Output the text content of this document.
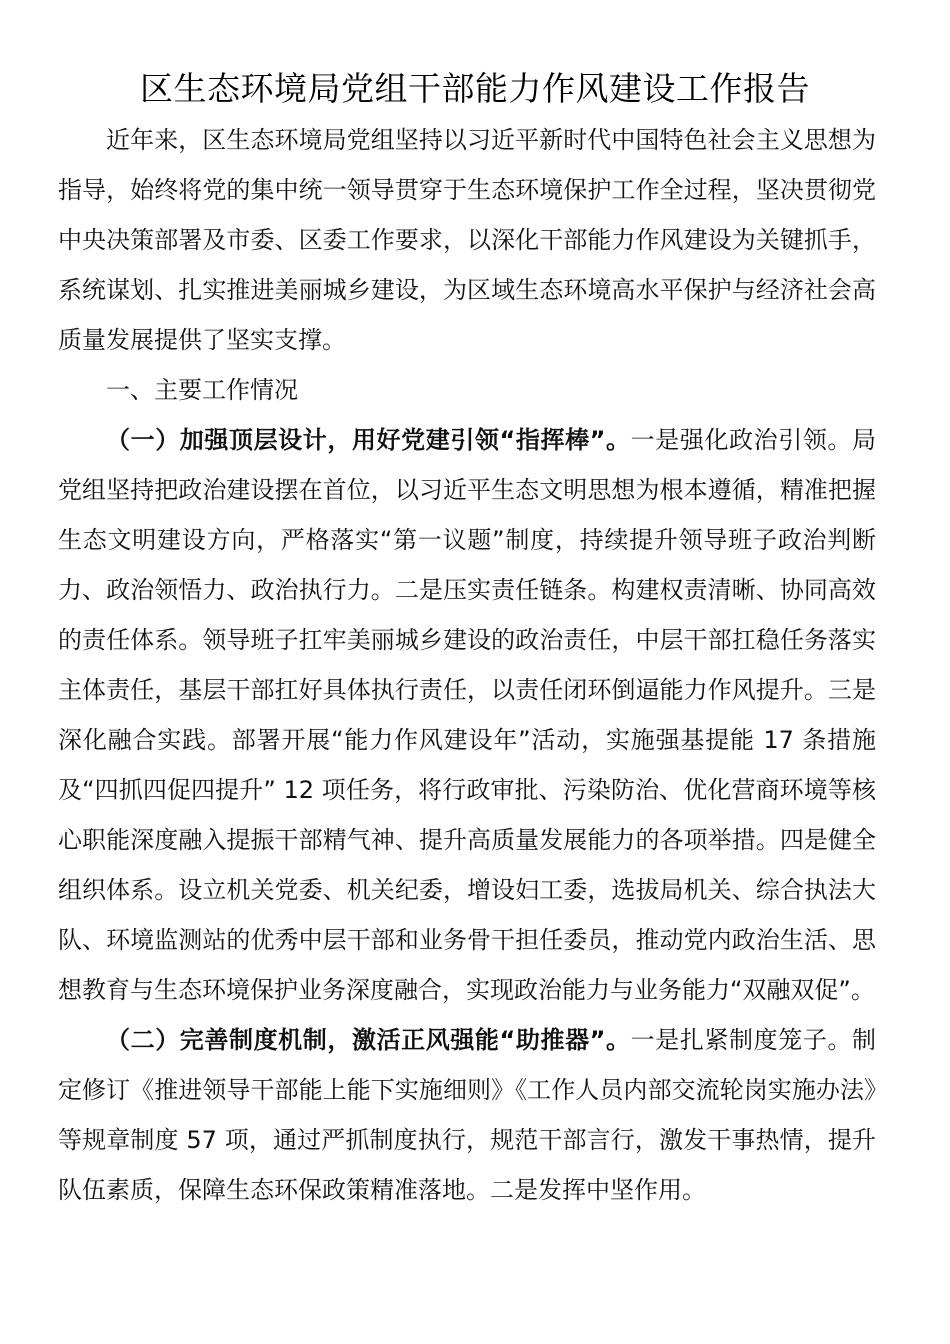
区生态环境局党组干部能力作风建设工作报告

近年来，区生态环境局党组坚持以习近平新时代中国特色社会主义思想为指导，始终将党的集中统一领导贯穿于生态环境保护工作全过程，坚决贯彻党中央决策部署及市委、区委工作要求，以深化干部能力作风建设为关键抓手，系统谋划、扎实推进美丽城乡建设，为区域生态环境高水平保护与经济社会高质量发展提供了坚实支撑。

一、主要工作情况

（一）加强顶层设计，用好党建引领“指挥棒”。一是强化政治引领。局党组坚持把政治建设摆在首位，以习近平生态文明思想为根本遵循，精准把握生态文明建设方向，严格落实“第一议题”制度，持续提升领导班子政治判断力、政治领悟力、政治执行力。二是压实责任链条。构建权责清晰、协同高效的责任体系。领导班子扛牢美丽城乡建设的政治责任，中层干部扛稳任务落实主体责任，基层干部扛好具体执行责任，以责任闭环倒逼能力作风提升。三是深化融合实践。部署开展“能力作风建设年”活动，实施强基提能 17 条措施及“四抓四促四提升” 12 项任务，将行政审批、污染防治、优化营商环境等核心职能深度融入提振干部精气神、提升高质量发展能力的各项举措。四是健全组织体系。设立机关党委、机关纪委，增设妇工委，选拔局机关、综合执法大队、环境监测站的优秀中层干部和业务骨干担任委员，推动党内政治生活、思想教育与生态环境保护业务深度融合，实现政治能力与业务能力“双融双促”。

（二）完善制度机制，激活正风强能“助推器”。一是扎紧制度笼子。制定修订《推进领导干部能上能下实施细则》《工作人员内部交流轮岗实施办法》等规章制度 57 项，通过严抓制度执行，规范干部言行，激发干事热情，提升队伍素质，保障生态环保政策精准落地。二是发挥中坚作用。
